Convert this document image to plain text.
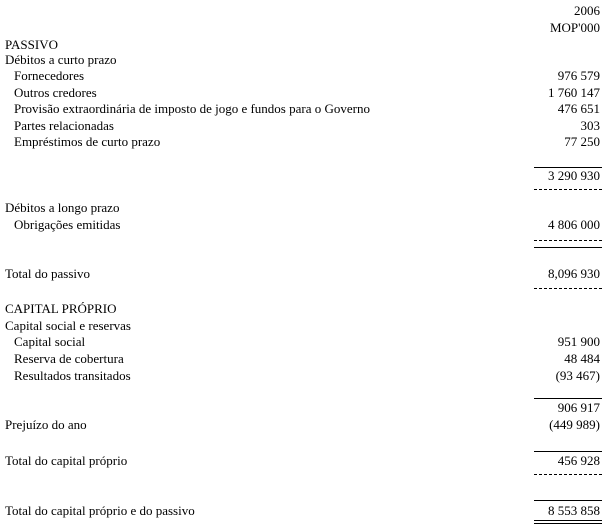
2006
MOP'000
PASSIVO
Débitos a curto prazo
Fornecedores	976 579
Outros credores	1 760 147
Provisão extraordinária de imposto de jogo e fundos para o Governo	476 651
Partes relacionadas	303
Empréstimos de curto prazo	77 250
3 290 930
Débitos a longo prazo
Obrigações emitidas	4 806 000
Total do passivo	8,096 930
CAPITAL PRÓPRIO
Capital social e reservas
Capital social	951 900
Reserva de cobertura	48 484
Resultados transitados	(93 467)
906 917
Prejuízo do ano	(449 989)
Total do capital próprio	456 928
Total do capital próprio e do passivo	8 553 858
